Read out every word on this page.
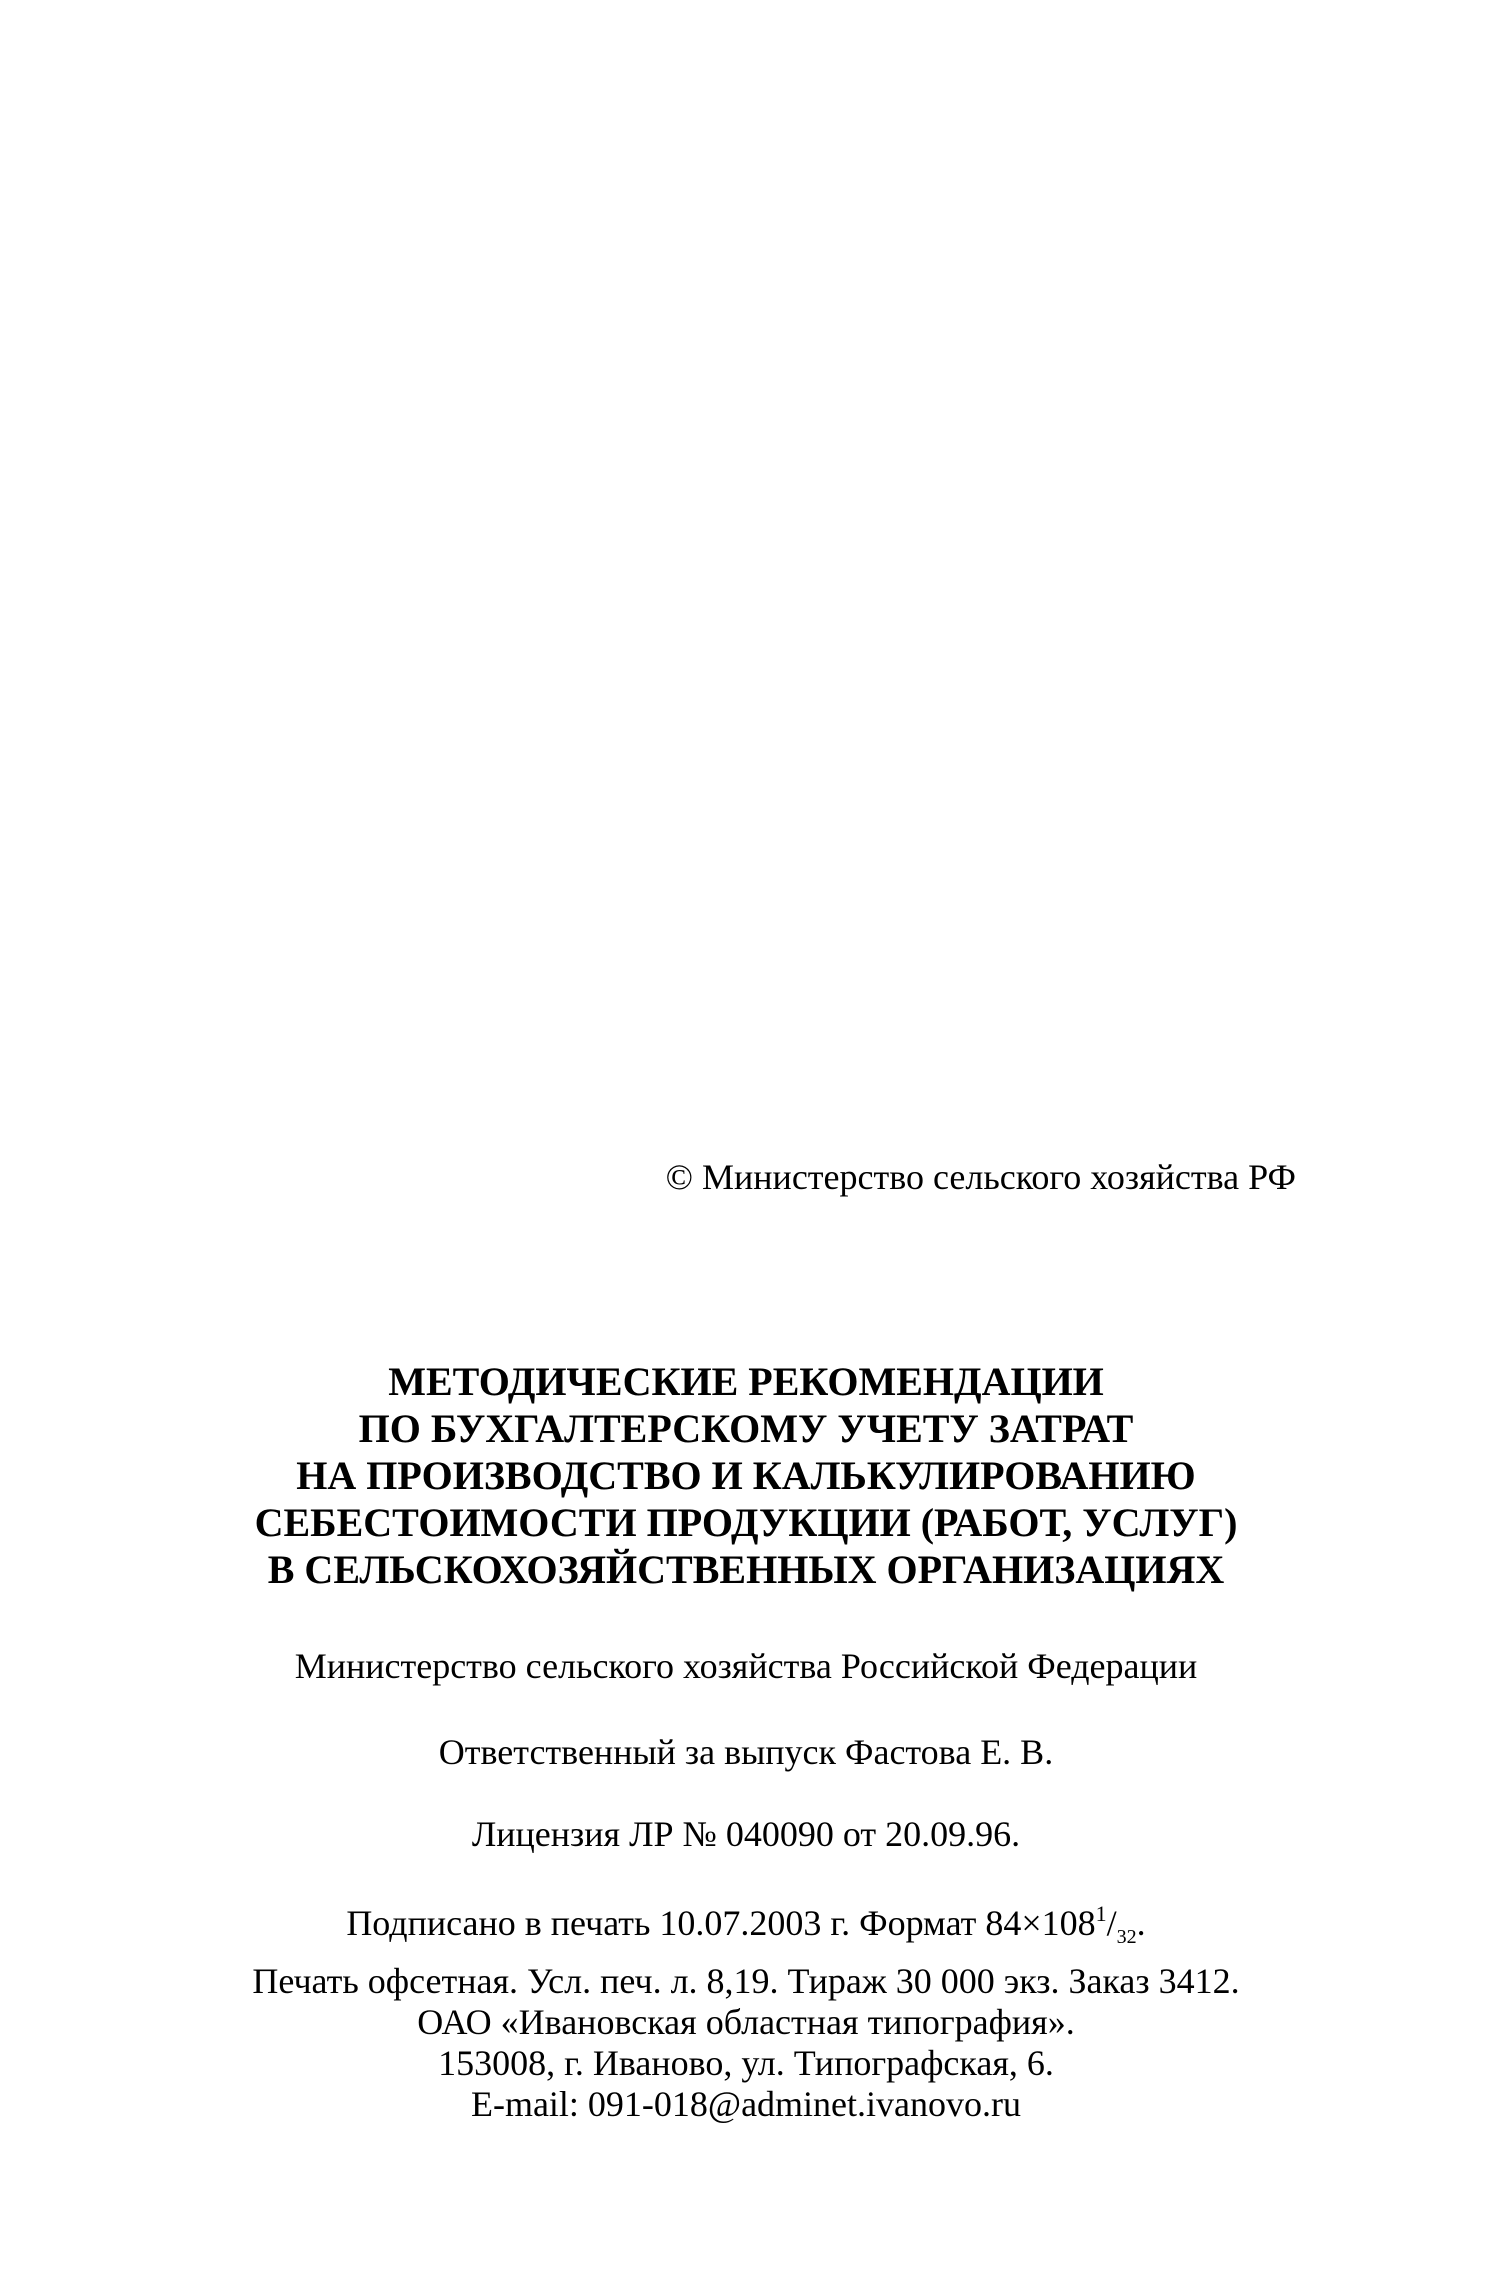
© Министерство сельского хозяйства РФ
МЕТОДИЧЕСКИЕ РЕКОМЕНДАЦИИ
ПО БУХГАЛТЕРСКОМУ УЧЕТУ ЗАТРАТ
НА ПРОИЗВОДСТВО И КАЛЬКУЛИРОВАНИЮ
СЕБЕСТОИМОСТИ ПРОДУКЦИИ (РАБОТ, УСЛУГ)
В СЕЛЬСКОХОЗЯЙСТВЕННЫХ ОРГАНИЗАЦИЯХ
Министерство сельского хозяйства Российской Федерации
Ответственный за выпуск Фастова Е. В.
Лицензия ЛР № 040090 от 20.09.96.
Подписано в печать 10.07.2003 г. Формат $84\times 108^1/_{32}$.
Печать офсетная. Усл. печ. л. 8,19. Тираж 30 000 экз. Заказ 3412.
ОАО «Ивановская областная типография».
153008, г. Иваново, ул. Типографская, 6.
E-mail: 091-018@adminet.ivanovo.ru
